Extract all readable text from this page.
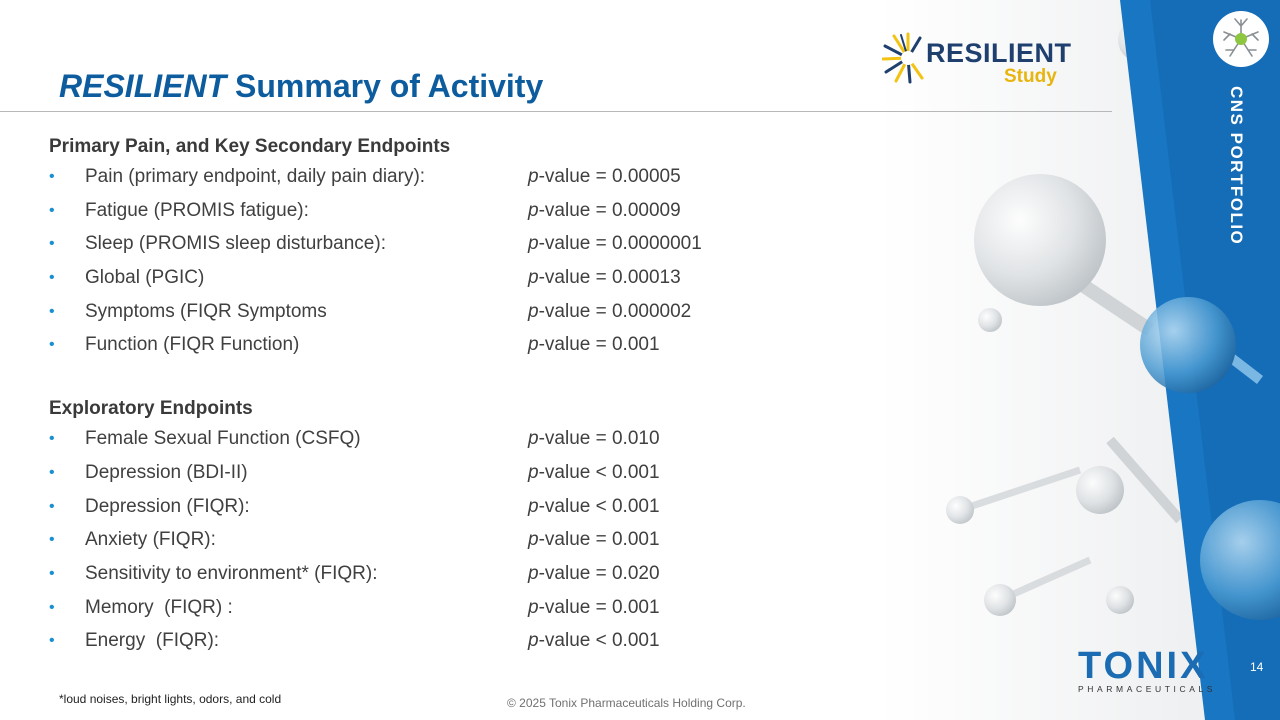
RESILIENT
Study
CNS PORTFOLIO
RESILIENT Summary of Activity
Primary Pain, and Key Secondary Endpoints
• Pain (primary endpoint, daily pain diary):	p-value = 0.00005
• Fatigue (PROMIS fatigue):	p-value = 0.00009
• Sleep (PROMIS sleep disturbance):	p-value = 0.0000001
• Global (PGIC)	p-value = 0.00013
• Symptoms (FIQR Symptoms	p-value = 0.000002
• Function (FIQR Function)	p-value = 0.001
Exploratory Endpoints
• Female Sexual Function (CSFQ)	p-value = 0.010
• Depression (BDI-II)	p-value < 0.001
• Depression (FIQR):	p-value < 0.001
• Anxiety (FIQR):	p-value = 0.001
• Sensitivity to environment* (FIQR):	p-value = 0.020
• Memory  (FIQR) :	p-value = 0.001
• Energy  (FIQR):	p-value < 0.001
*loud noises, bright lights, odors, and cold	© 2025 Tonix Pharmaceuticals Holding Corp.
TONIX
PHARMACEUTICALS
14
